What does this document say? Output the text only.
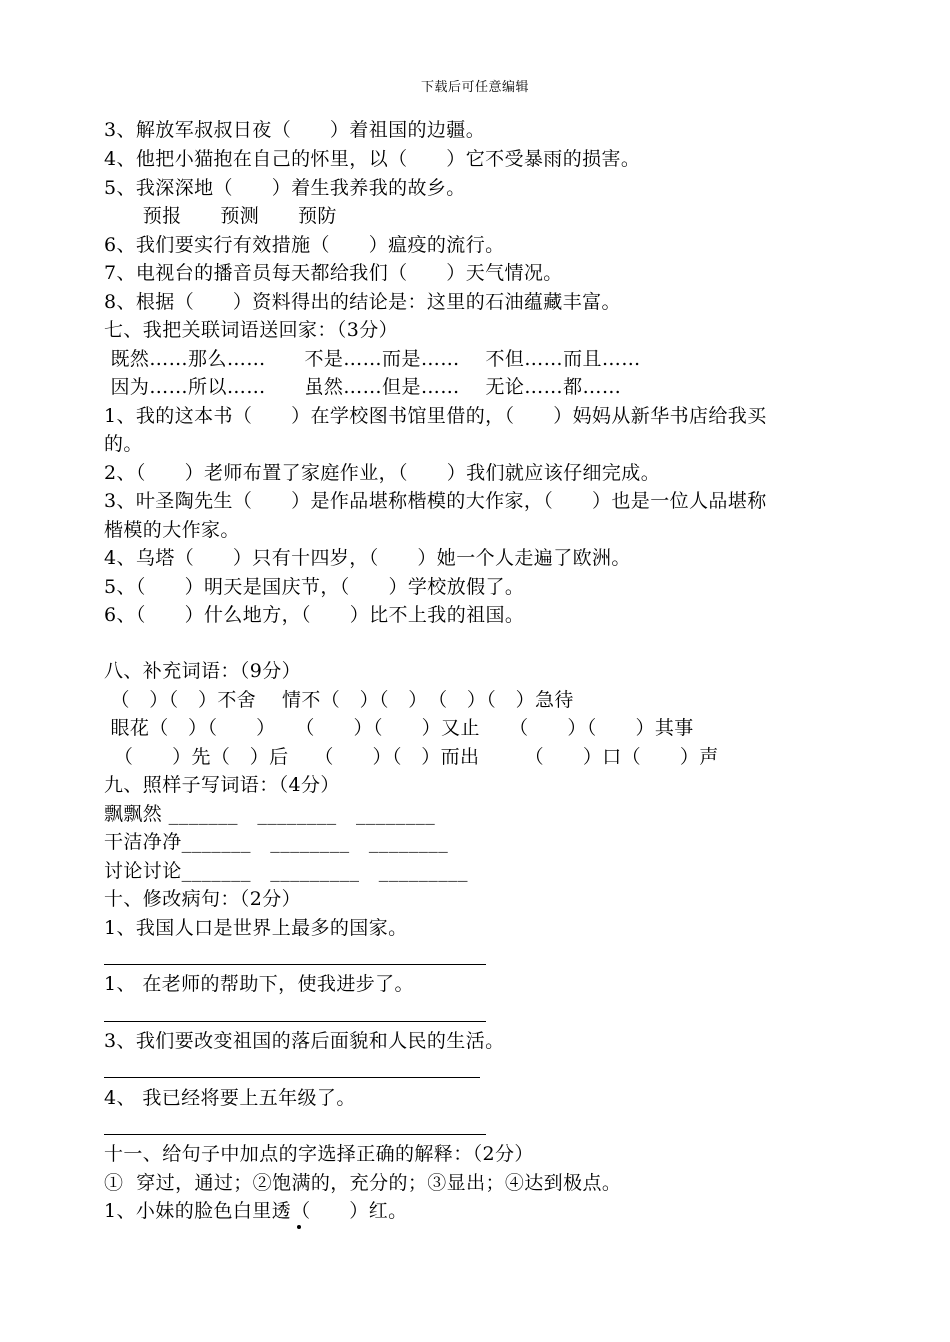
下载后可任意编辑
3、解放军叔叔日夜（　　）着祖国的边疆。
4、他把小猫抱在自己的怀里，以（　　）它不受暴雨的损害。
5、我深深地（　　）着生我养我的故乡。
　　预报　　预测　　预防
6、我们要实行有效措施（　　）瘟疫的流行。
7、电视台的播音员每天都给我们（　　）天气情况。
8、根据（　　）资料得出的结论是：这里的石油蕴藏丰富。
七、我把关联词语送回家：（3分）
既然……那么……　　不是……而是……　 不但……而且……
因为……所以……　　虽然……但是……　 无论……都……
1、我的这本书（　　）在学校图书馆里借的，（　　）妈妈从新华书店给我买
的。
2、（　　）老师布置了家庭作业，（　　）我们就应该仔细完成。
3、叶圣陶先生（　　）是作品堪称楷模的大作家，（　　）也是一位人品堪称
楷模的大作家。
4、乌塔（　　）只有十四岁，（　　）她一个人走遍了欧洲。
5、（　　）明天是国庆节，（　　）学校放假了。
6、（　　）什么地方，（　　）比不上我的祖国。
八、补充词语：（9分）
（　）（　）不舍　 情不（　）（　）　（　）（　）急待
眼花（　）（　　）　　（　　）（　　）又止　　（　　）（　　）其事
　（　　）先（　）后　 （　　）（　）而出　　 （　　）口（　　）声
九、照样子写词语：（4分）
飘飘然 _______　________　________
干洁净净_______　________　________
讨论讨论_______　_________　_________
十、修改病句：（2分）
1、我国人口是世界上最多的国家。
1、 在老师的帮助下，使我进步了。
3、我们要改变祖国的落后面貌和人民的生活。
4、 我已经将要上五年级了。
十一、给句子中加点的字选择正确的解释：（2分）
①  穿过，通过；②饱满的，充分的；③显出；④达到极点。
1、小妹的脸色白里透（　　）红。
